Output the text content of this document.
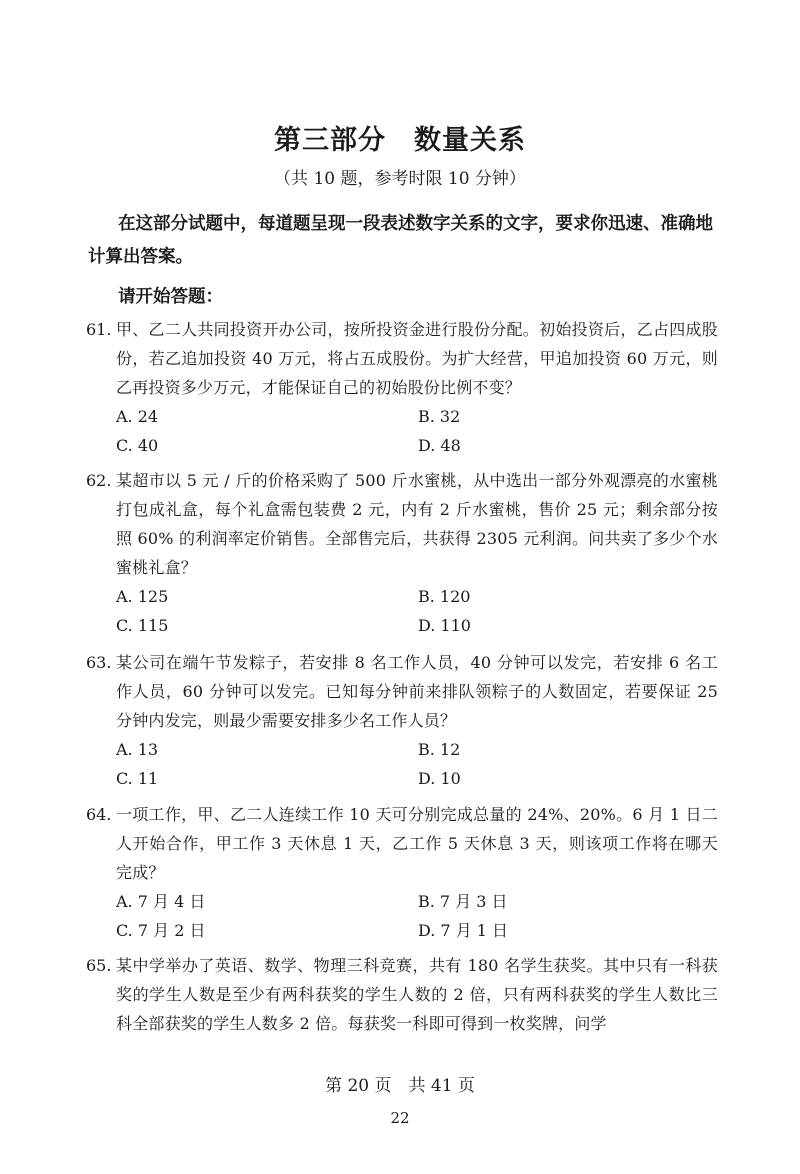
第三部分　数量关系
（共 10 题，参考时限 10 分钟）
在这部分试题中，每道题呈现一段表述数字关系的文字，要求你迅速、准确地计算出答案。
请开始答题：
61. 甲、乙二人共同投资开办公司，按所投资金进行股份分配。初始投资后，乙占四成股份，若乙追加投资 40 万元，将占五成股份。为扩大经营，甲追加投资 60 万元，则乙再投资多少万元，才能保证自己的初始股份比例不变？
A. 24	B. 32
C. 40	D. 48
62. 某超市以 5 元 / 斤的价格采购了 500 斤水蜜桃，从中选出一部分外观漂亮的水蜜桃打包成礼盒，每个礼盒需包装费 2 元，内有 2 斤水蜜桃，售价 25 元；剩余部分按照 60% 的利润率定价销售。全部售完后，共获得 2305 元利润。问共卖了多少个水蜜桃礼盒？
A. 125	B. 120
C. 115	D. 110
63. 某公司在端午节发粽子，若安排 8 名工作人员，40 分钟可以发完，若安排 6 名工作人员，60 分钟可以发完。已知每分钟前来排队领粽子的人数固定，若要保证 25 分钟内发完，则最少需要安排多少名工作人员？
A. 13	B. 12
C. 11	D. 10
64. 一项工作，甲、乙二人连续工作 10 天可分别完成总量的 24%、20%。6 月 1 日二人开始合作，甲工作 3 天休息 1 天，乙工作 5 天休息 3 天，则该项工作将在哪天完成？
A. 7 月 4 日	B. 7 月 3 日
C. 7 月 2 日	D. 7 月 1 日
65. 某中学举办了英语、数学、物理三科竞赛，共有 180 名学生获奖。其中只有一科获奖的学生人数是至少有两科获奖的学生人数的 2 倍，只有两科获奖的学生人数比三科全部获奖的学生人数多 2 倍。每获奖一科即可得到一枚奖牌，问学
第 20 页　共 41 页
22
